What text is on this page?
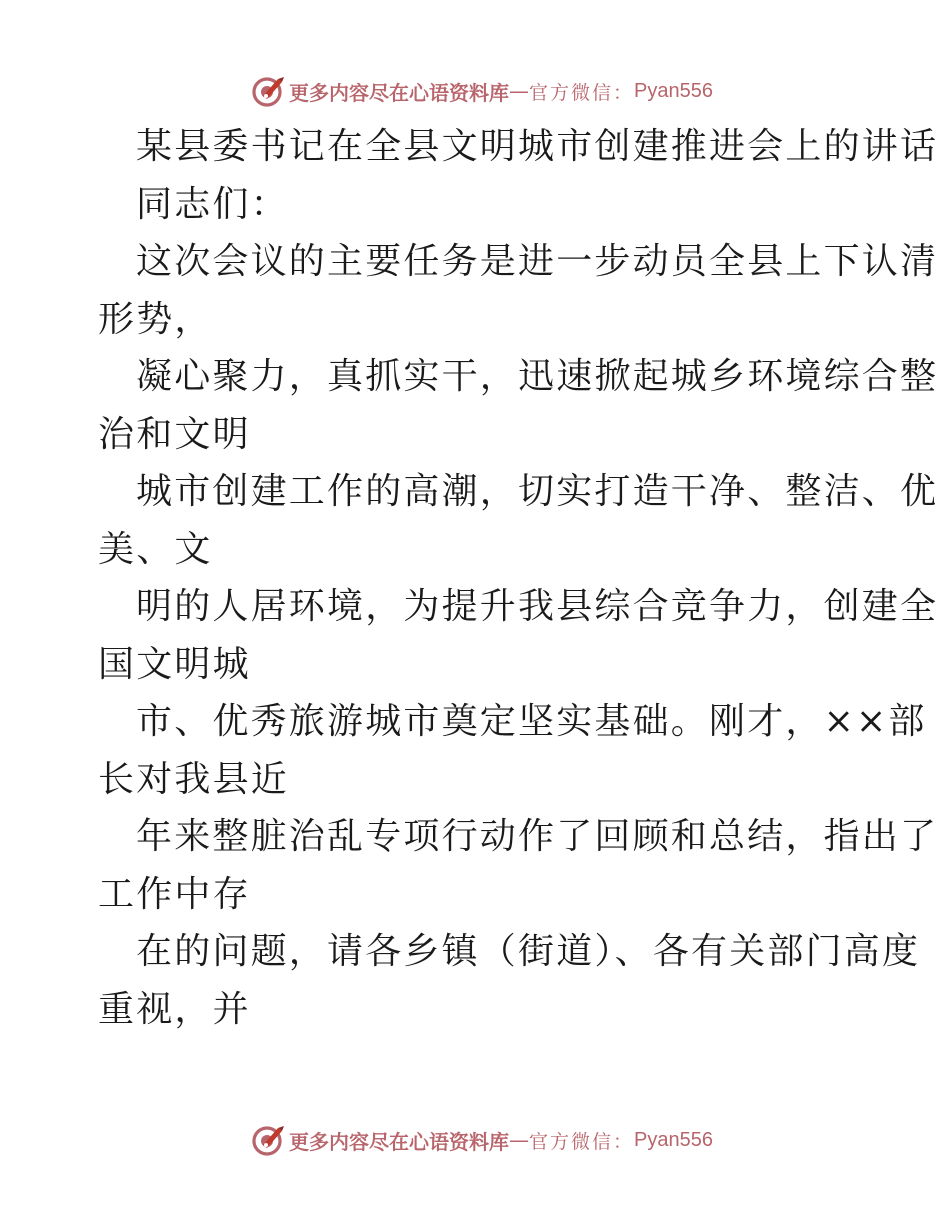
更多内容尽在心语资料库 — 官方微信： Pyan556
某县委书记在全县文明城市创建推进会上的讲话
同志们：
这次会议的主要任务是进一步动员全县上下认清
形势，
凝心聚力，真抓实干，迅速掀起城乡环境综合整
治和文明
城市创建工作的高潮，切实打造干净、整洁、优
美、文
明的人居环境，为提升我县综合竞争力，创建全
国文明城
市、优秀旅游城市奠定坚实基础。刚才，××部
长对我县近
年来整脏治乱专项行动作了回顾和总结，指出了
工作中存
在的问题，请各乡镇（街道）、各有关部门高度
重视，并
更多内容尽在心语资料库 — 官方微信： Pyan556
